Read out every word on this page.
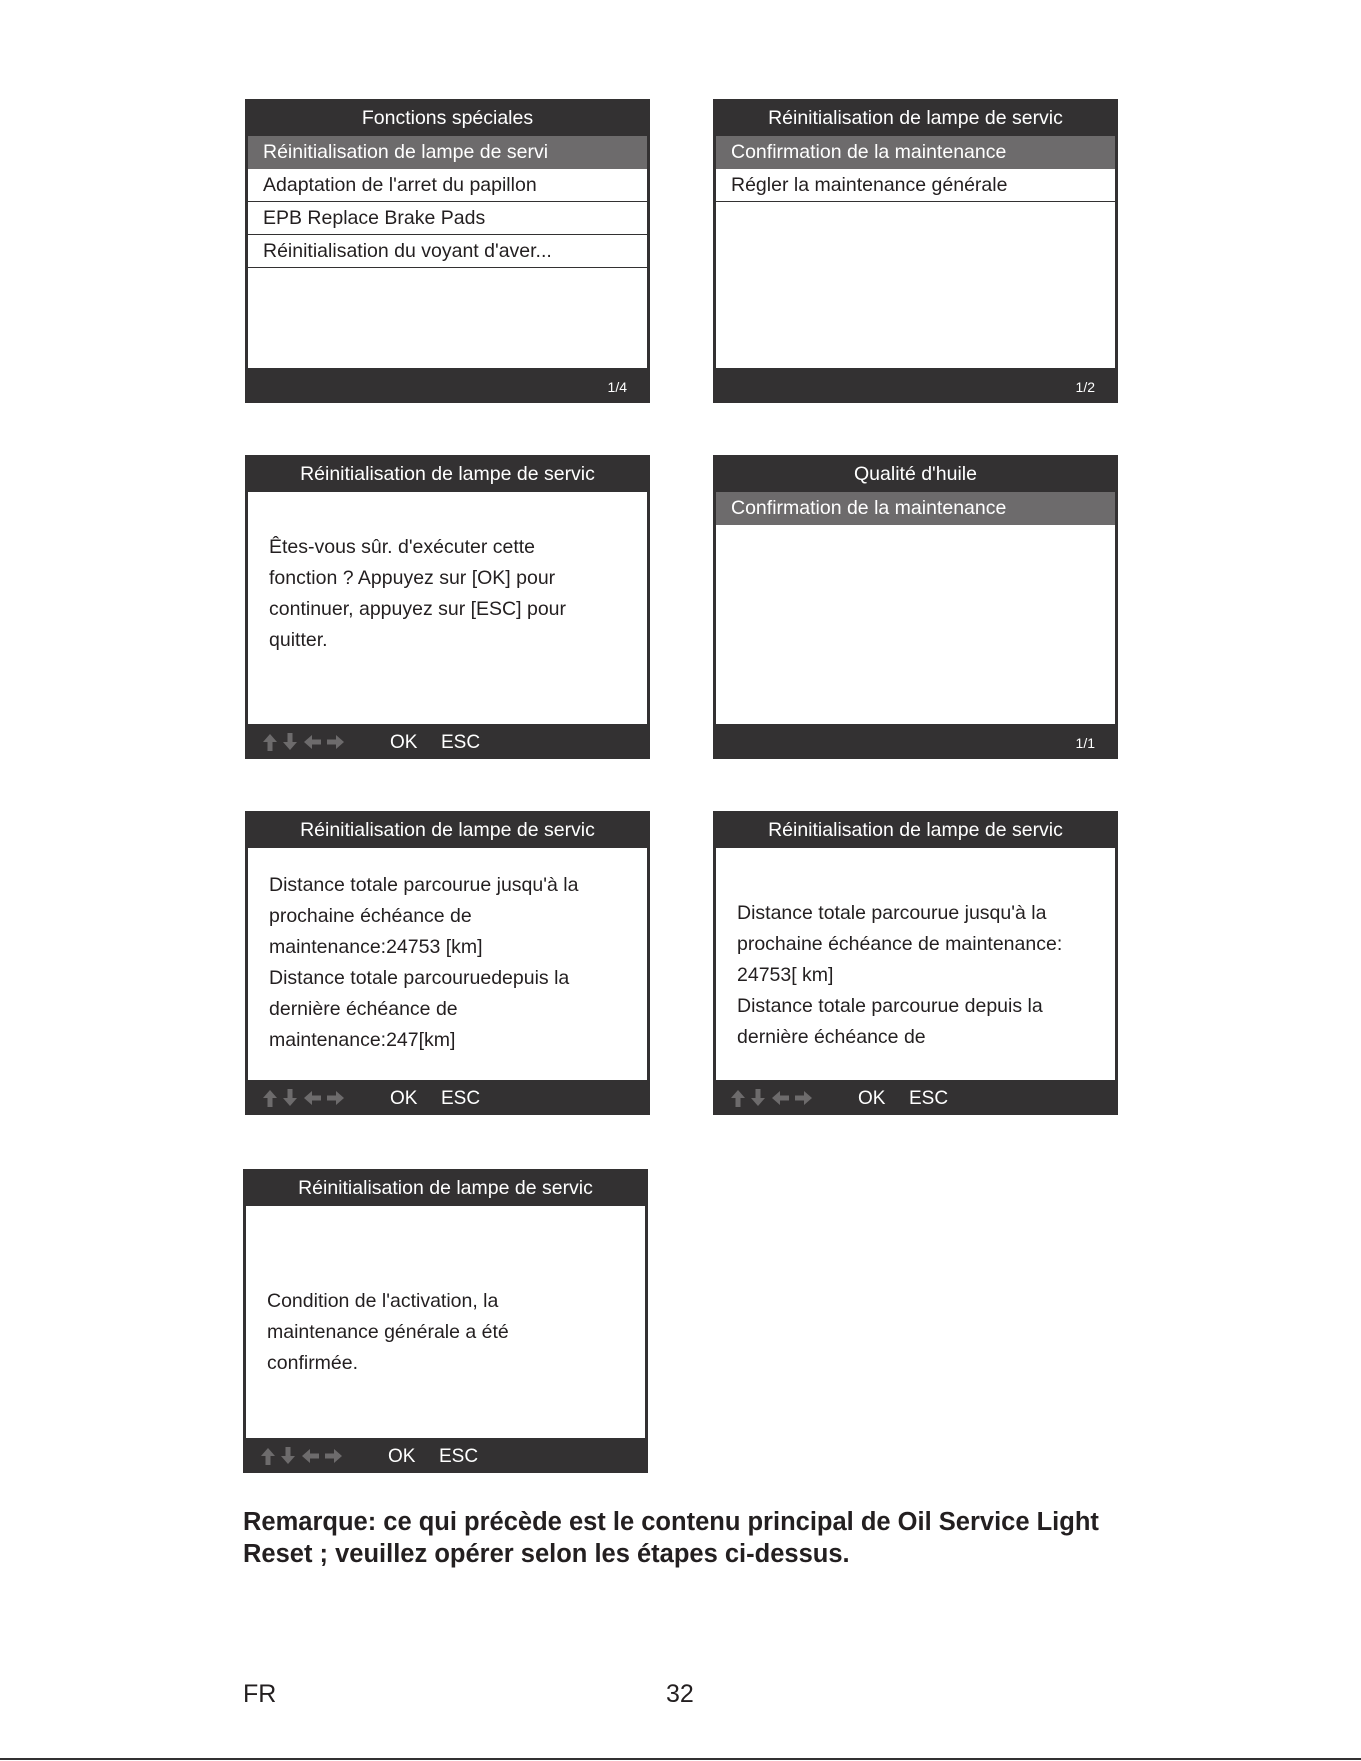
Fonctions spéciales
Réinitialisation de lampe de servi
Adaptation de l'arret du papillon
EPB Replace Brake Pads
Réinitialisation du voyant d'aver...
1/4
Réinitialisation de lampe de servic
Confirmation de la maintenance
Régler la maintenance générale
1/2
Réinitialisation de lampe de servic
Êtes-vous sûr. d'exécuter cette
fonction ? Appuyez sur [OK] pour
continuer, appuyez sur [ESC] pour
quitter.
OK ESC
Qualité d'huile
Confirmation de la maintenance
1/1
Réinitialisation de lampe de servic
Distance totale parcourue jusqu'à la
prochaine échéance de
maintenance:24753 [km]
Distance totale parcouruedepuis la
dernière échéance de
maintenance:247[km]
OK ESC
Réinitialisation de lampe de servic
Distance totale parcourue jusqu'à la
prochaine échéance de maintenance:
24753[ km]
Distance totale parcourue depuis la
dernière échéance de
OK ESC
Réinitialisation de lampe de servic
Condition de l'activation, la
maintenance générale a été
confirmée.
OK ESC
Remarque: ce qui précède est le contenu principal de Oil Service Light
Reset ; veuillez opérer selon les étapes ci-dessus.
FR	32
